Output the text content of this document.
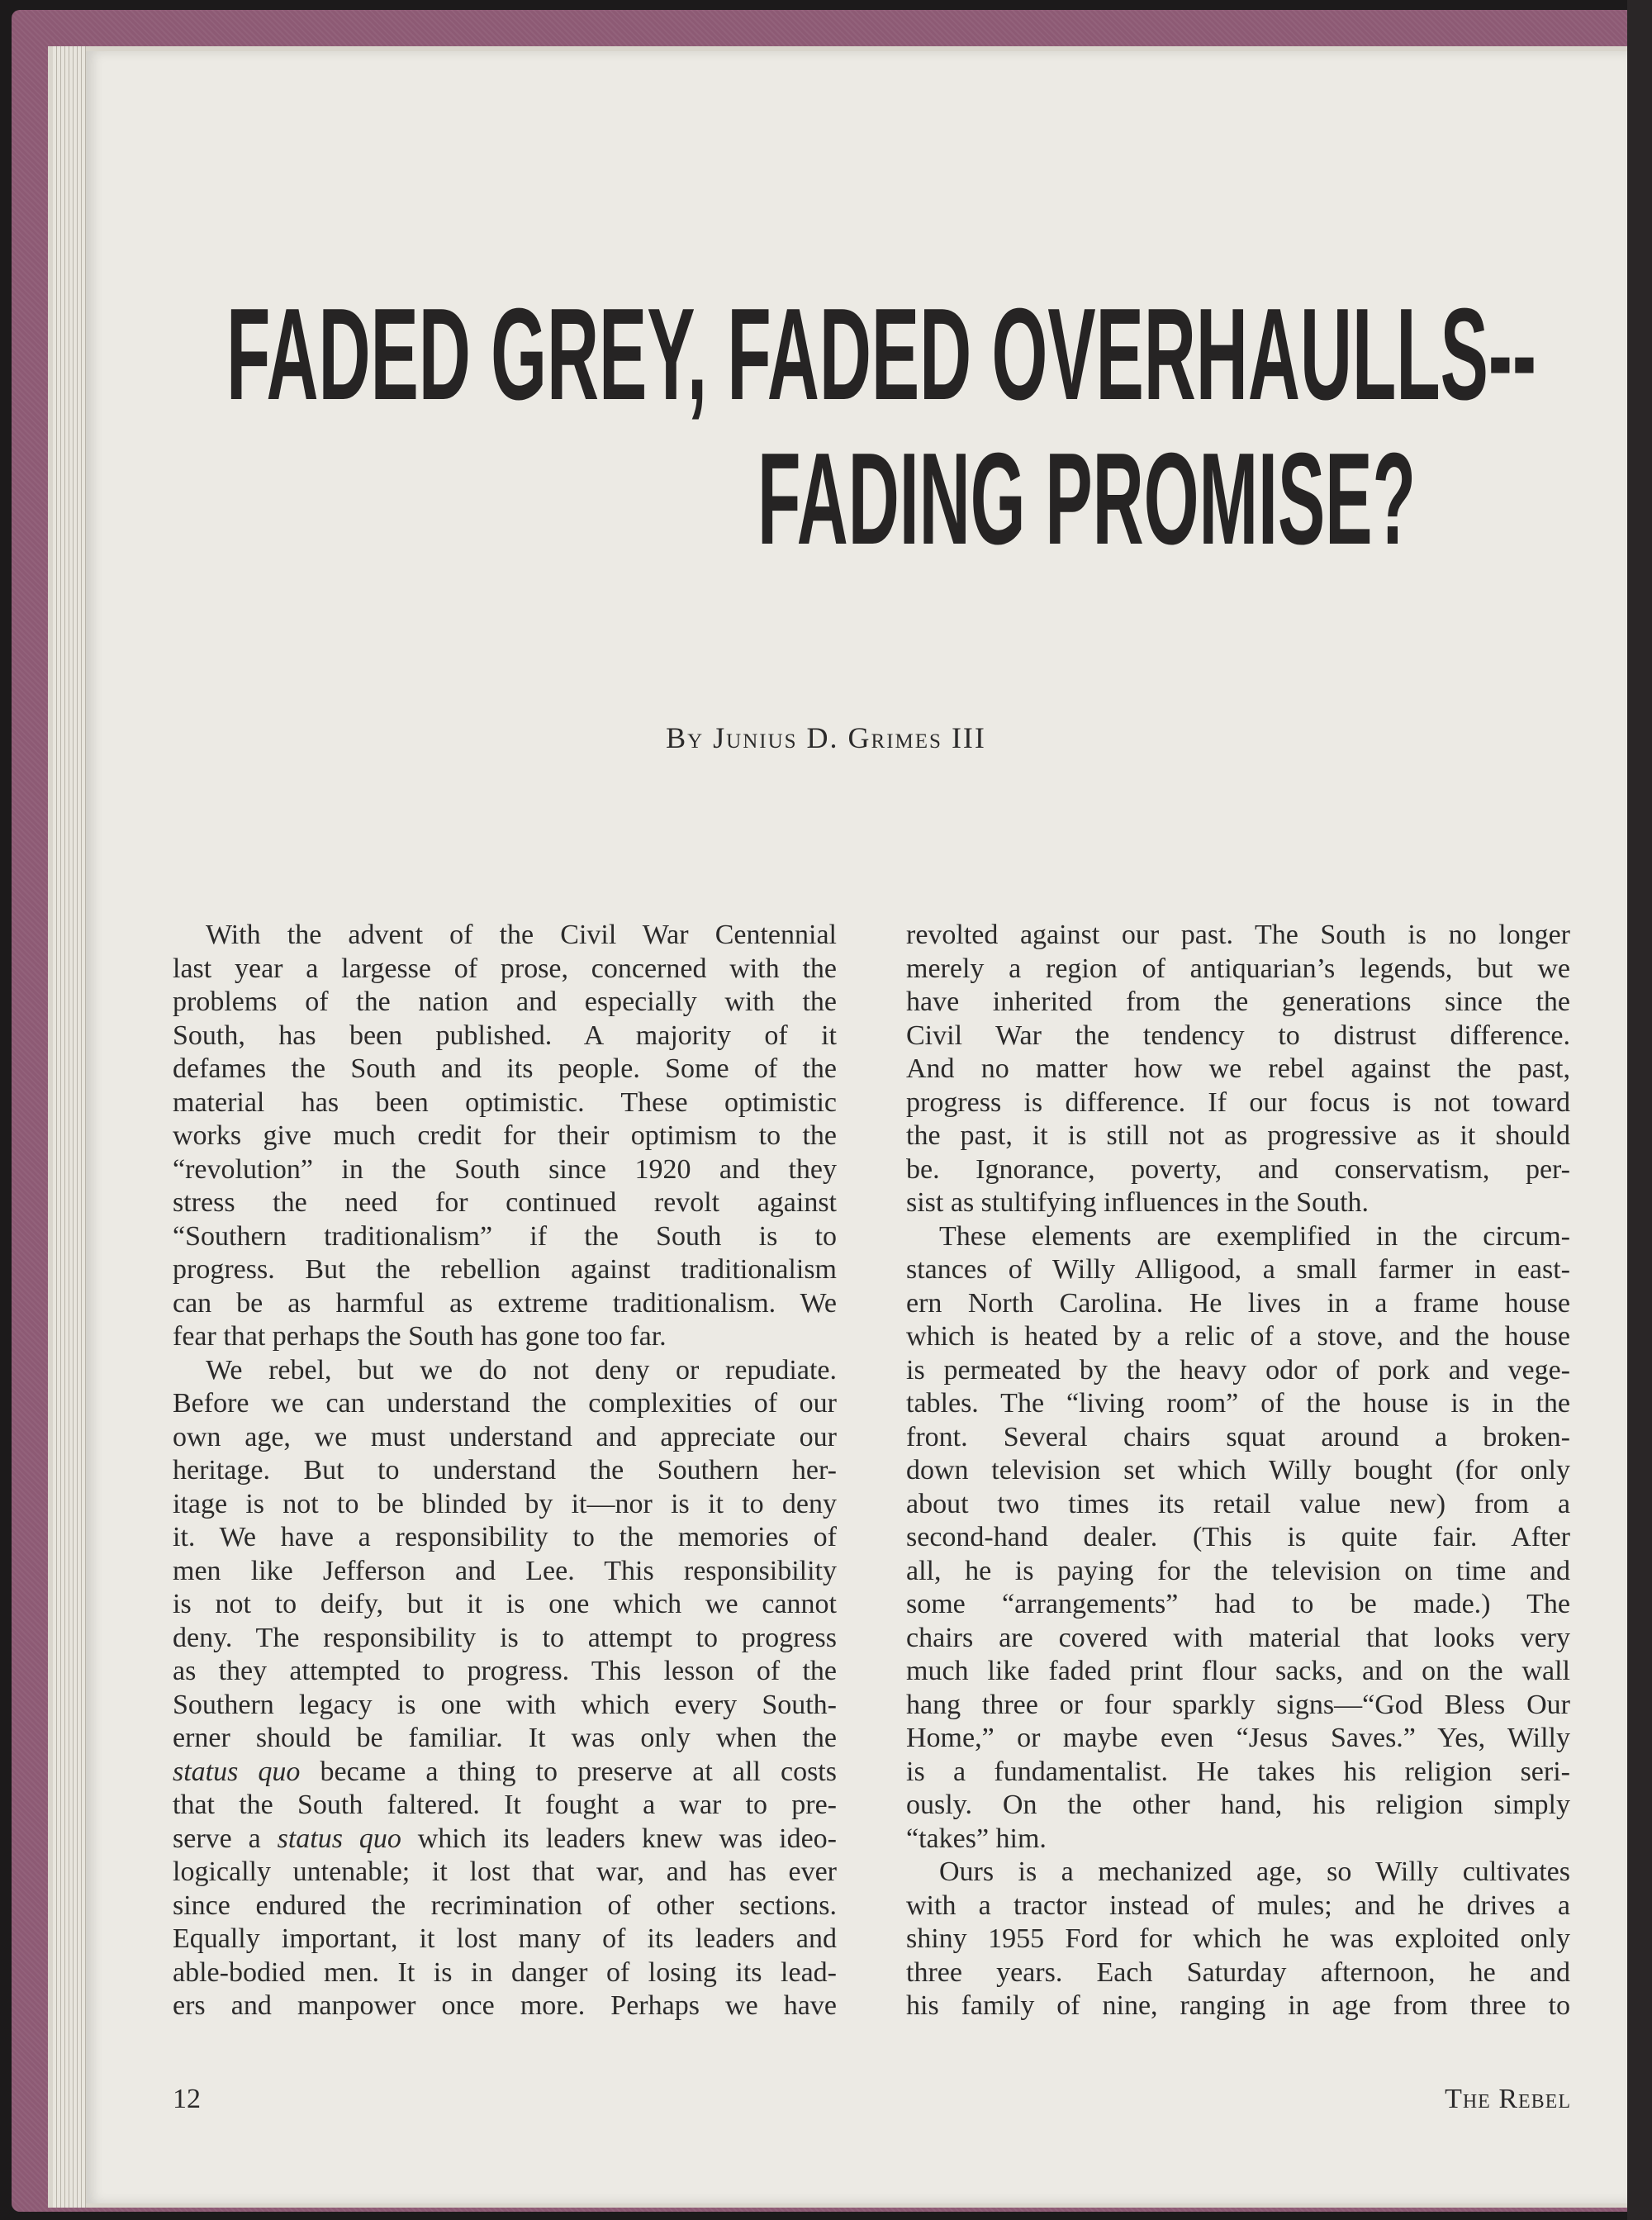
FADED GREY, FADED OVERHAULLS--
FADING PROMISE?
By Junius D. Grimes III
With the advent of the Civil War Centennial
last year a largesse of prose, concerned with the
problems of the nation and especially with the
South, has been published. A majority of it
defames the South and its people. Some of the
material has been optimistic. These optimistic
works give much credit for their optimism to the
“revolution” in the South since 1920 and they
stress the need for continued revolt against
“Southern traditionalism” if the South is to
progress. But the rebellion against traditionalism
can be as harmful as extreme traditionalism. We
fear that perhaps the South has gone too far.
We rebel, but we do not deny or repudiate.
Before we can understand the complexities of our
own age, we must understand and appreciate our
heritage. But to understand the Southern her-
itage is not to be blinded by it—nor is it to deny
it. We have a responsibility to the memories of
men like Jefferson and Lee. This responsibility
is not to deify, but it is one which we cannot
deny. The responsibility is to attempt to progress
as they attempted to progress. This lesson of the
Southern legacy is one with which every South-
erner should be familiar. It was only when the
status quo became a thing to preserve at all costs
that the South faltered. It fought a war to pre-
serve a status quo which its leaders knew was ideo-
logically untenable; it lost that war, and has ever
since endured the recrimination of other sections.
Equally important, it lost many of its leaders and
able-bodied men. It is in danger of losing its lead-
ers and manpower once more. Perhaps we have
revolted against our past. The South is no longer
merely a region of antiquarian’s legends, but we
have inherited from the generations since the
Civil War the tendency to distrust difference.
And no matter how we rebel against the past,
progress is difference. If our focus is not toward
the past, it is still not as progressive as it should
be. Ignorance, poverty, and conservatism, per-
sist as stultifying influences in the South.
These elements are exemplified in the circum-
stances of Willy Alligood, a small farmer in east-
ern North Carolina. He lives in a frame house
which is heated by a relic of a stove, and the house
is permeated by the heavy odor of pork and vege-
tables. The “living room” of the house is in the
front. Several chairs squat around a broken-
down television set which Willy bought (for only
about two times its retail value new) from a
second-hand dealer. (This is quite fair. After
all, he is paying for the television on time and
some “arrangements” had to be made.) The
chairs are covered with material that looks very
much like faded print flour sacks, and on the wall
hang three or four sparkly signs—“God Bless Our
Home,” or maybe even “Jesus Saves.” Yes, Willy
is a fundamentalist. He takes his religion seri-
ously. On the other hand, his religion simply
“takes” him.
Ours is a mechanized age, so Willy cultivates
with a tractor instead of mules; and he drives a
shiny 1955 Ford for which he was exploited only
three years. Each Saturday afternoon, he and
his family of nine, ranging in age from three to
12	The Rebel
